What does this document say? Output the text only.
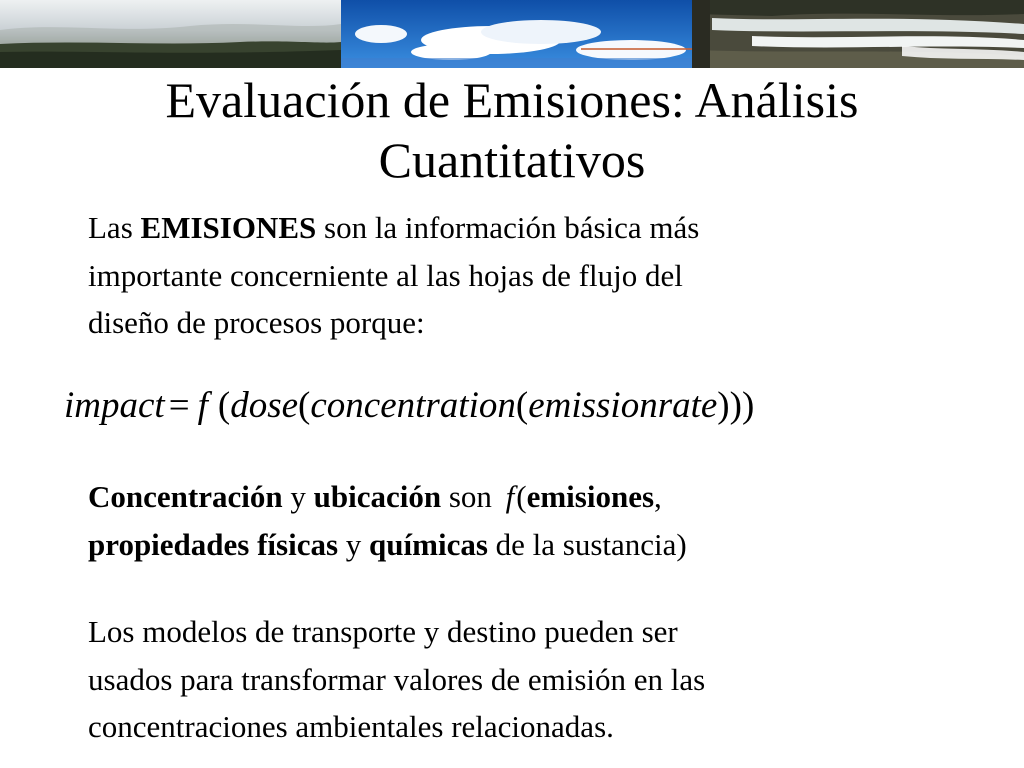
Evaluación de Emisiones: Análisis
Cuantitativos
Las EMISIONES son la información básica más
importante concerniente al las hojas de flujo del
diseño de procesos porque:
impact = f (dose(concentration(emissionrate)))
Concentración y ubicación son f(emisiones,
propiedades físicas y químicas de la sustancia)
Los modelos de transporte y destino pueden ser
usados para transformar valores de emisión en las
concentraciones ambientales relacionadas.
